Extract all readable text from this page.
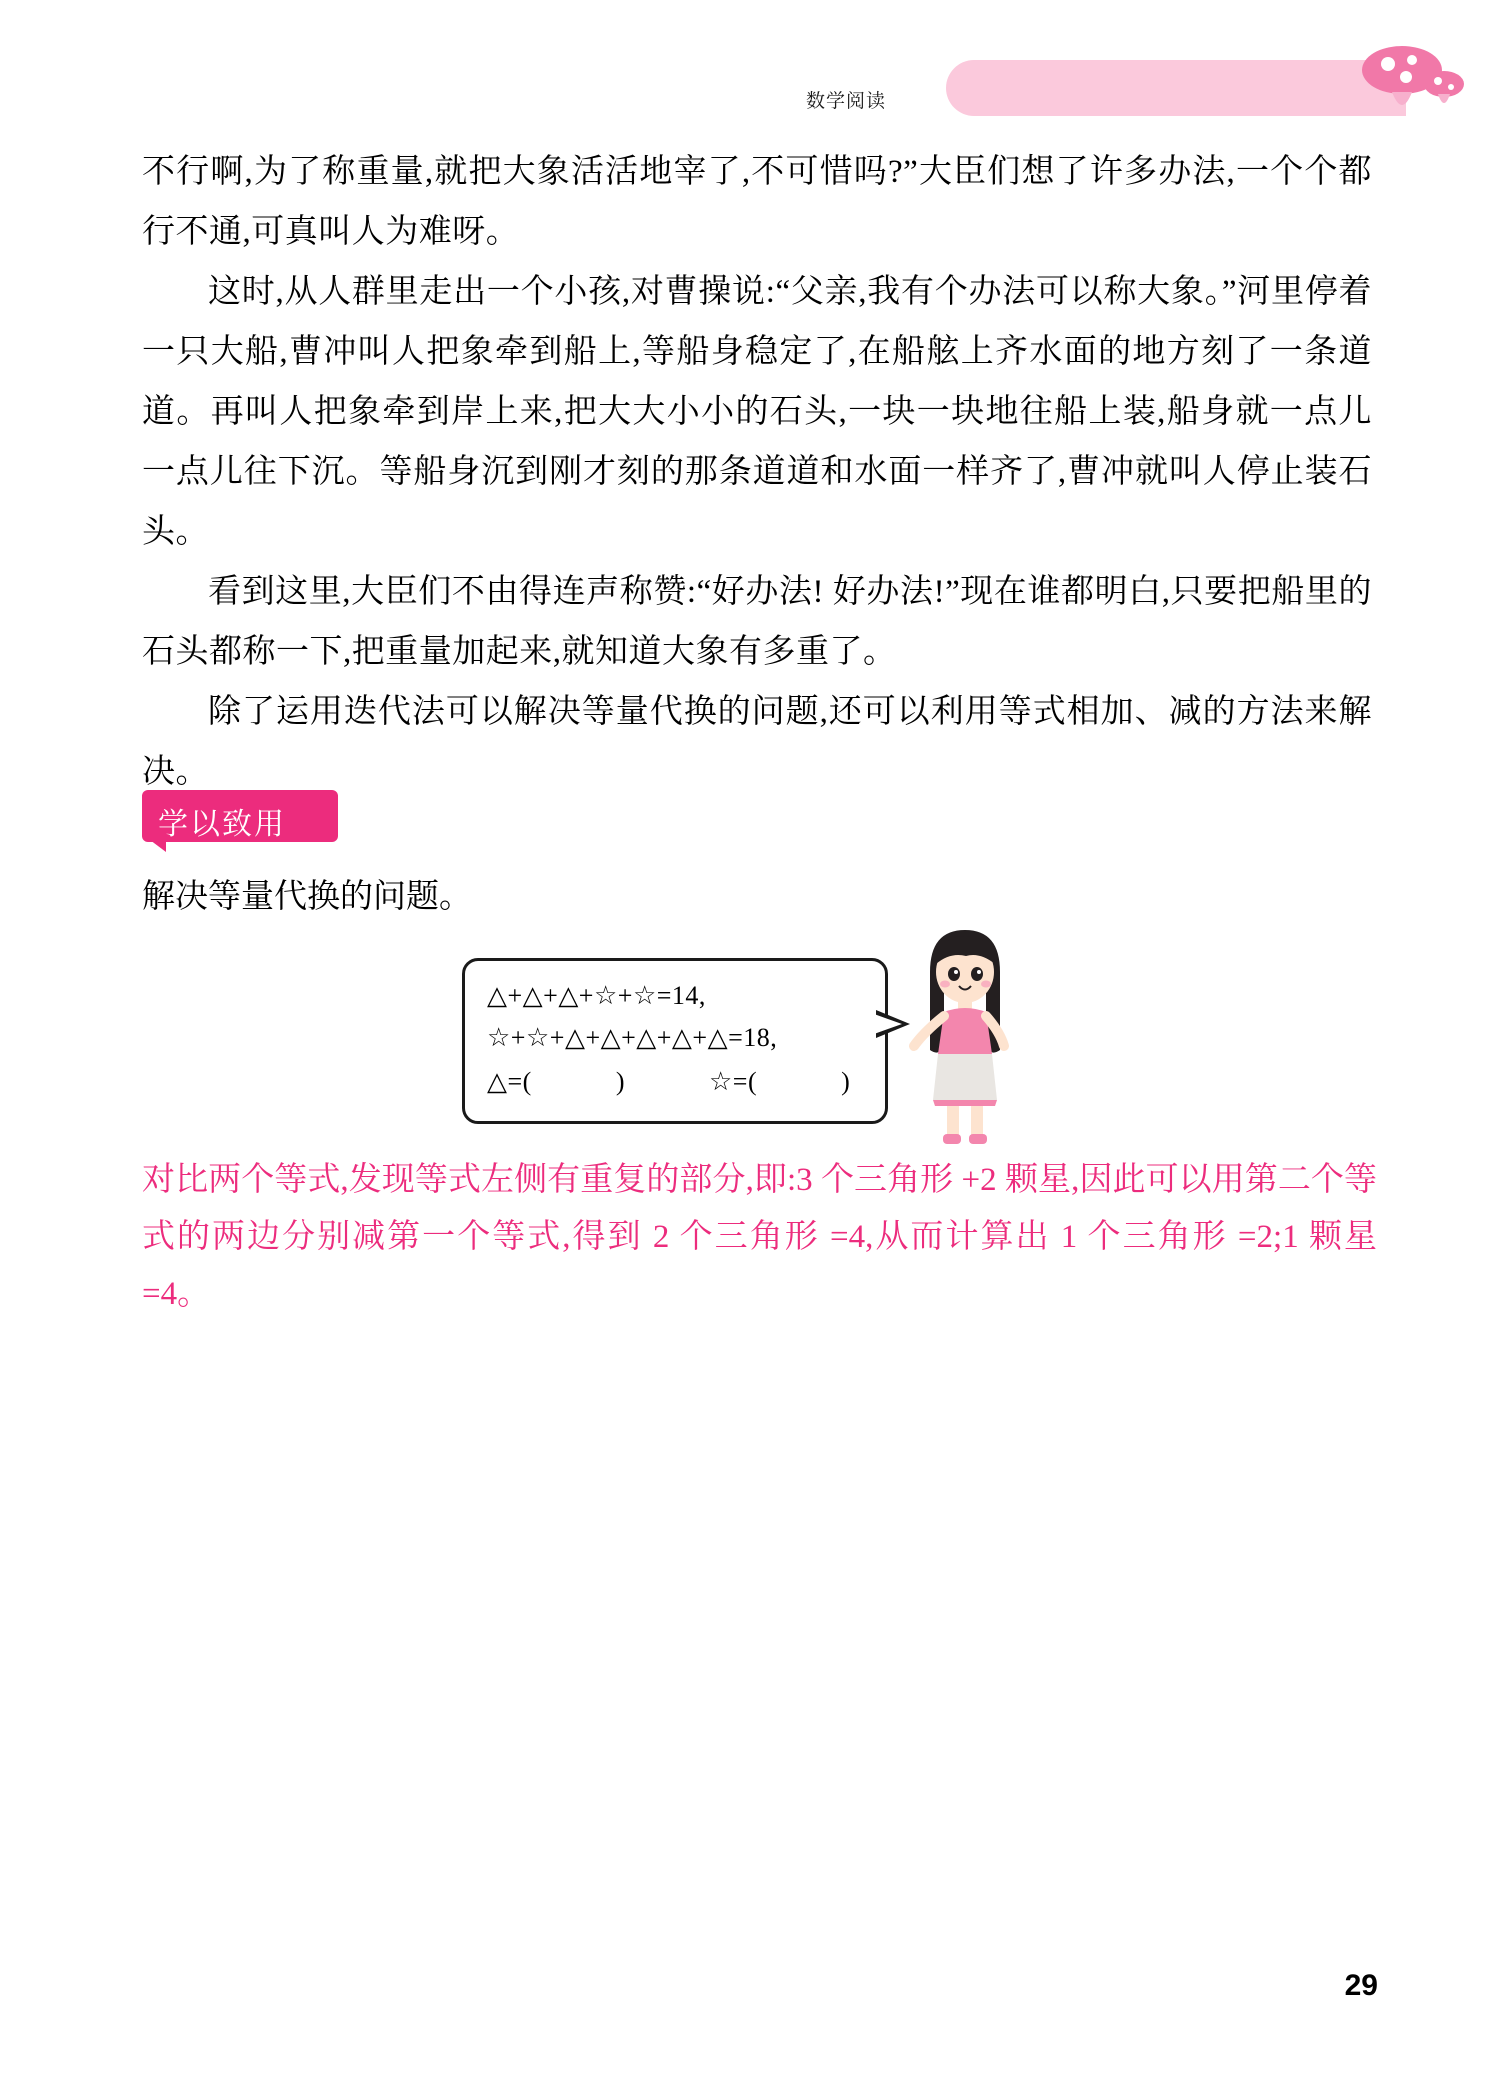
数学阅读
小学题帮

不行啊,为了称重量,就把大象活活地宰了,不可惜吗?”大臣们想了许多办法,一个个都行不通,可真叫人为难呀。

这时,从人群里走出一个小孩,对曹操说:“父亲,我有个办法可以称大象。”河里停着一只大船,曹冲叫人把象牵到船上,等船身稳定了,在船舷上齐水面的地方刻了一条道道。再叫人把象牵到岸上来,把大大小小的石头,一块一块地往船上装,船身就一点儿一点儿往下沉。等船身沉到刚才刻的那条道道和水面一样齐了,曹冲就叫人停止装石头。

看到这里,大臣们不由得连声称赞:“好办法! 好办法!”现在谁都明白,只要把船里的石头都称一下,把重量加起来,就知道大象有多重了。

除了运用迭代法可以解决等量代换的问题,还可以利用等式相加、减的方法来解决。

学以致用
解决等量代换的问题。
△+△+△+☆+☆=14,
☆+☆+△+△+△+△+△=18,
△=(	)	☆=(	)
对比两个等式,发现等式左侧有重复的部分,即:3 个三角形 +2 颗星,因此可以用第二个等式的两边分别减第一个等式,得到 2 个三角形 =4,从而计算出 1 个三角形 =2;1 颗星 =4。
29
